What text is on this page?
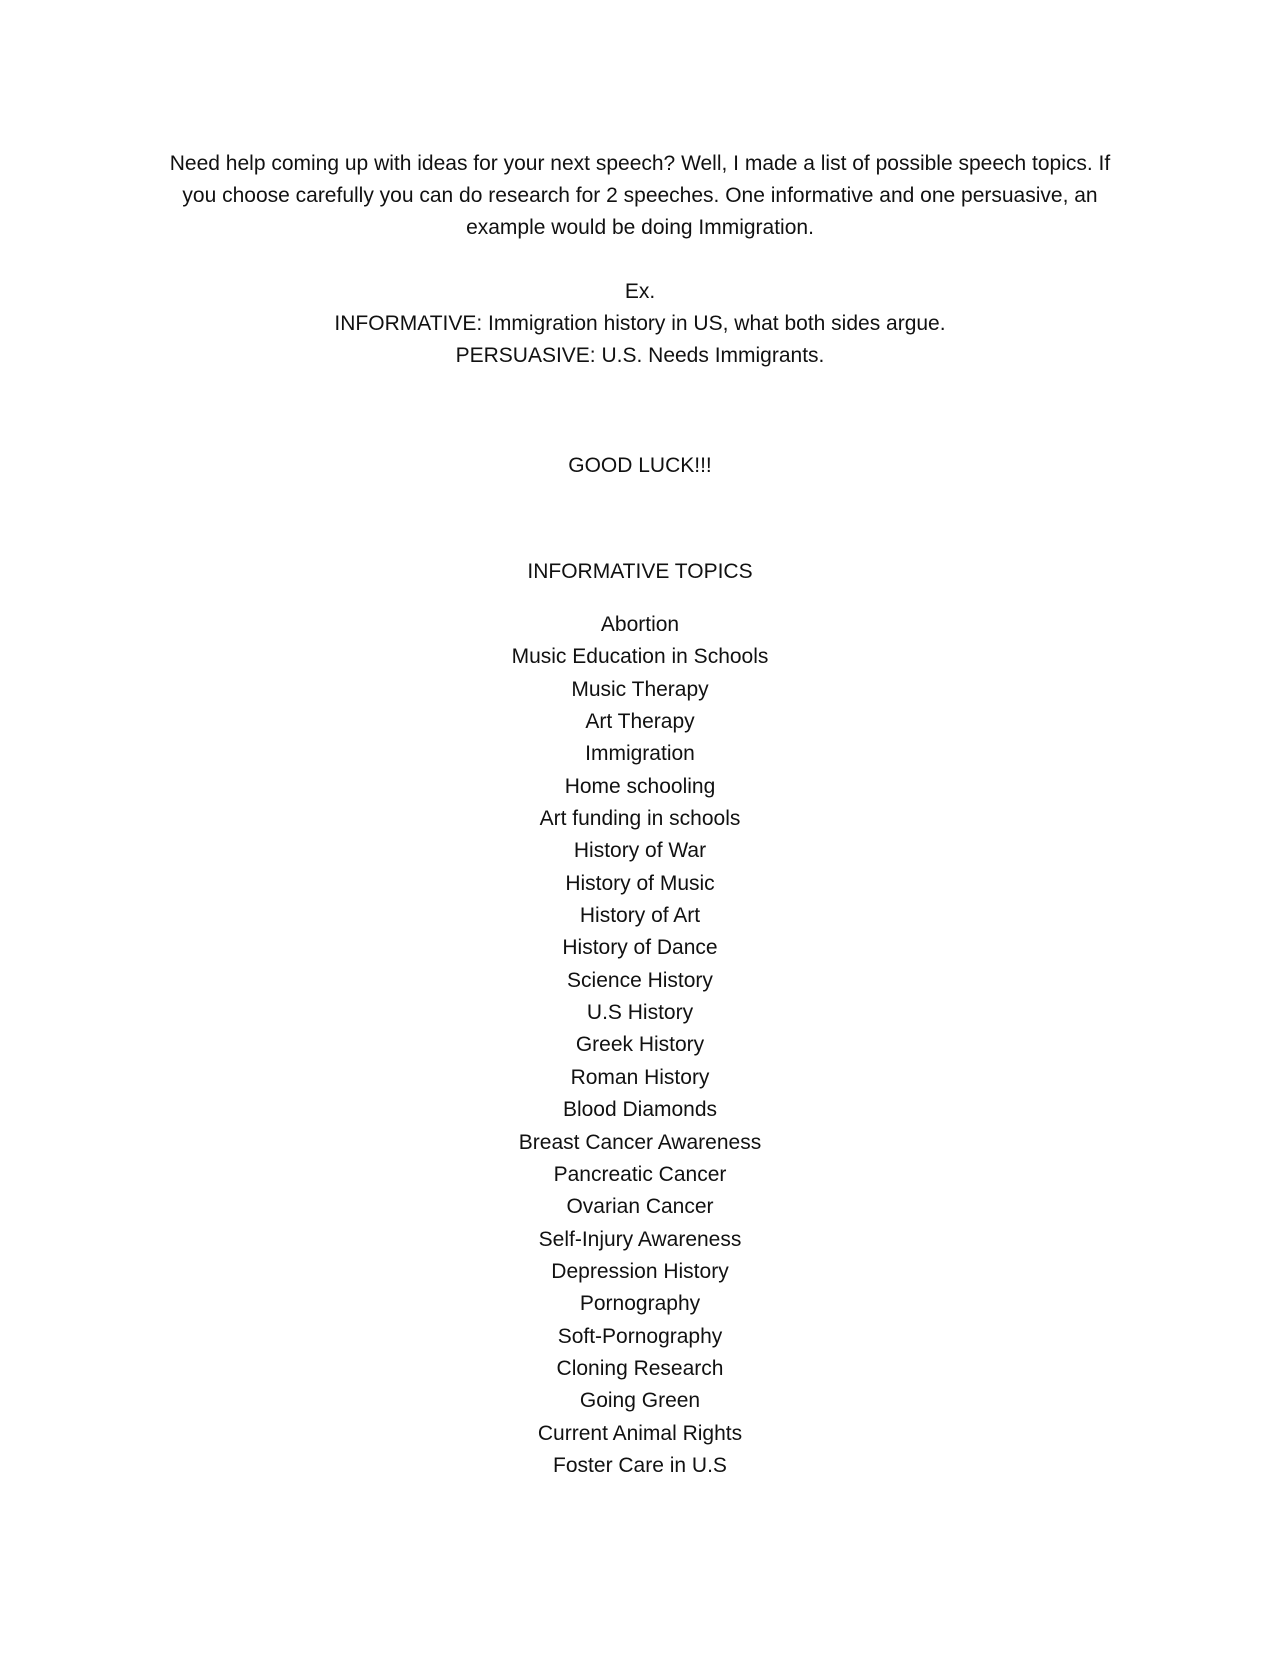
Need help coming up with ideas for your next speech? Well, I made a list of possible speech topics. If
you choose carefully you can do research for 2 speeches. One informative and one persuasive, an
example would be doing Immigration.
Ex.
INFORMATIVE: Immigration history in US, what both sides argue.
PERSUASIVE: U.S. Needs Immigrants.
GOOD LUCK!!!
INFORMATIVE TOPICS
Abortion
Music Education in Schools
Music Therapy
Art Therapy
Immigration
Home schooling
Art funding in schools
History of War
History of Music
History of Art
History of Dance
Science History
U.S History
Greek History
Roman History
Blood Diamonds
Breast Cancer Awareness
Pancreatic Cancer
Ovarian Cancer
Self-Injury Awareness
Depression History
Pornography
Soft-Pornography
Cloning Research
Going Green
Current Animal Rights
Foster Care in U.S
